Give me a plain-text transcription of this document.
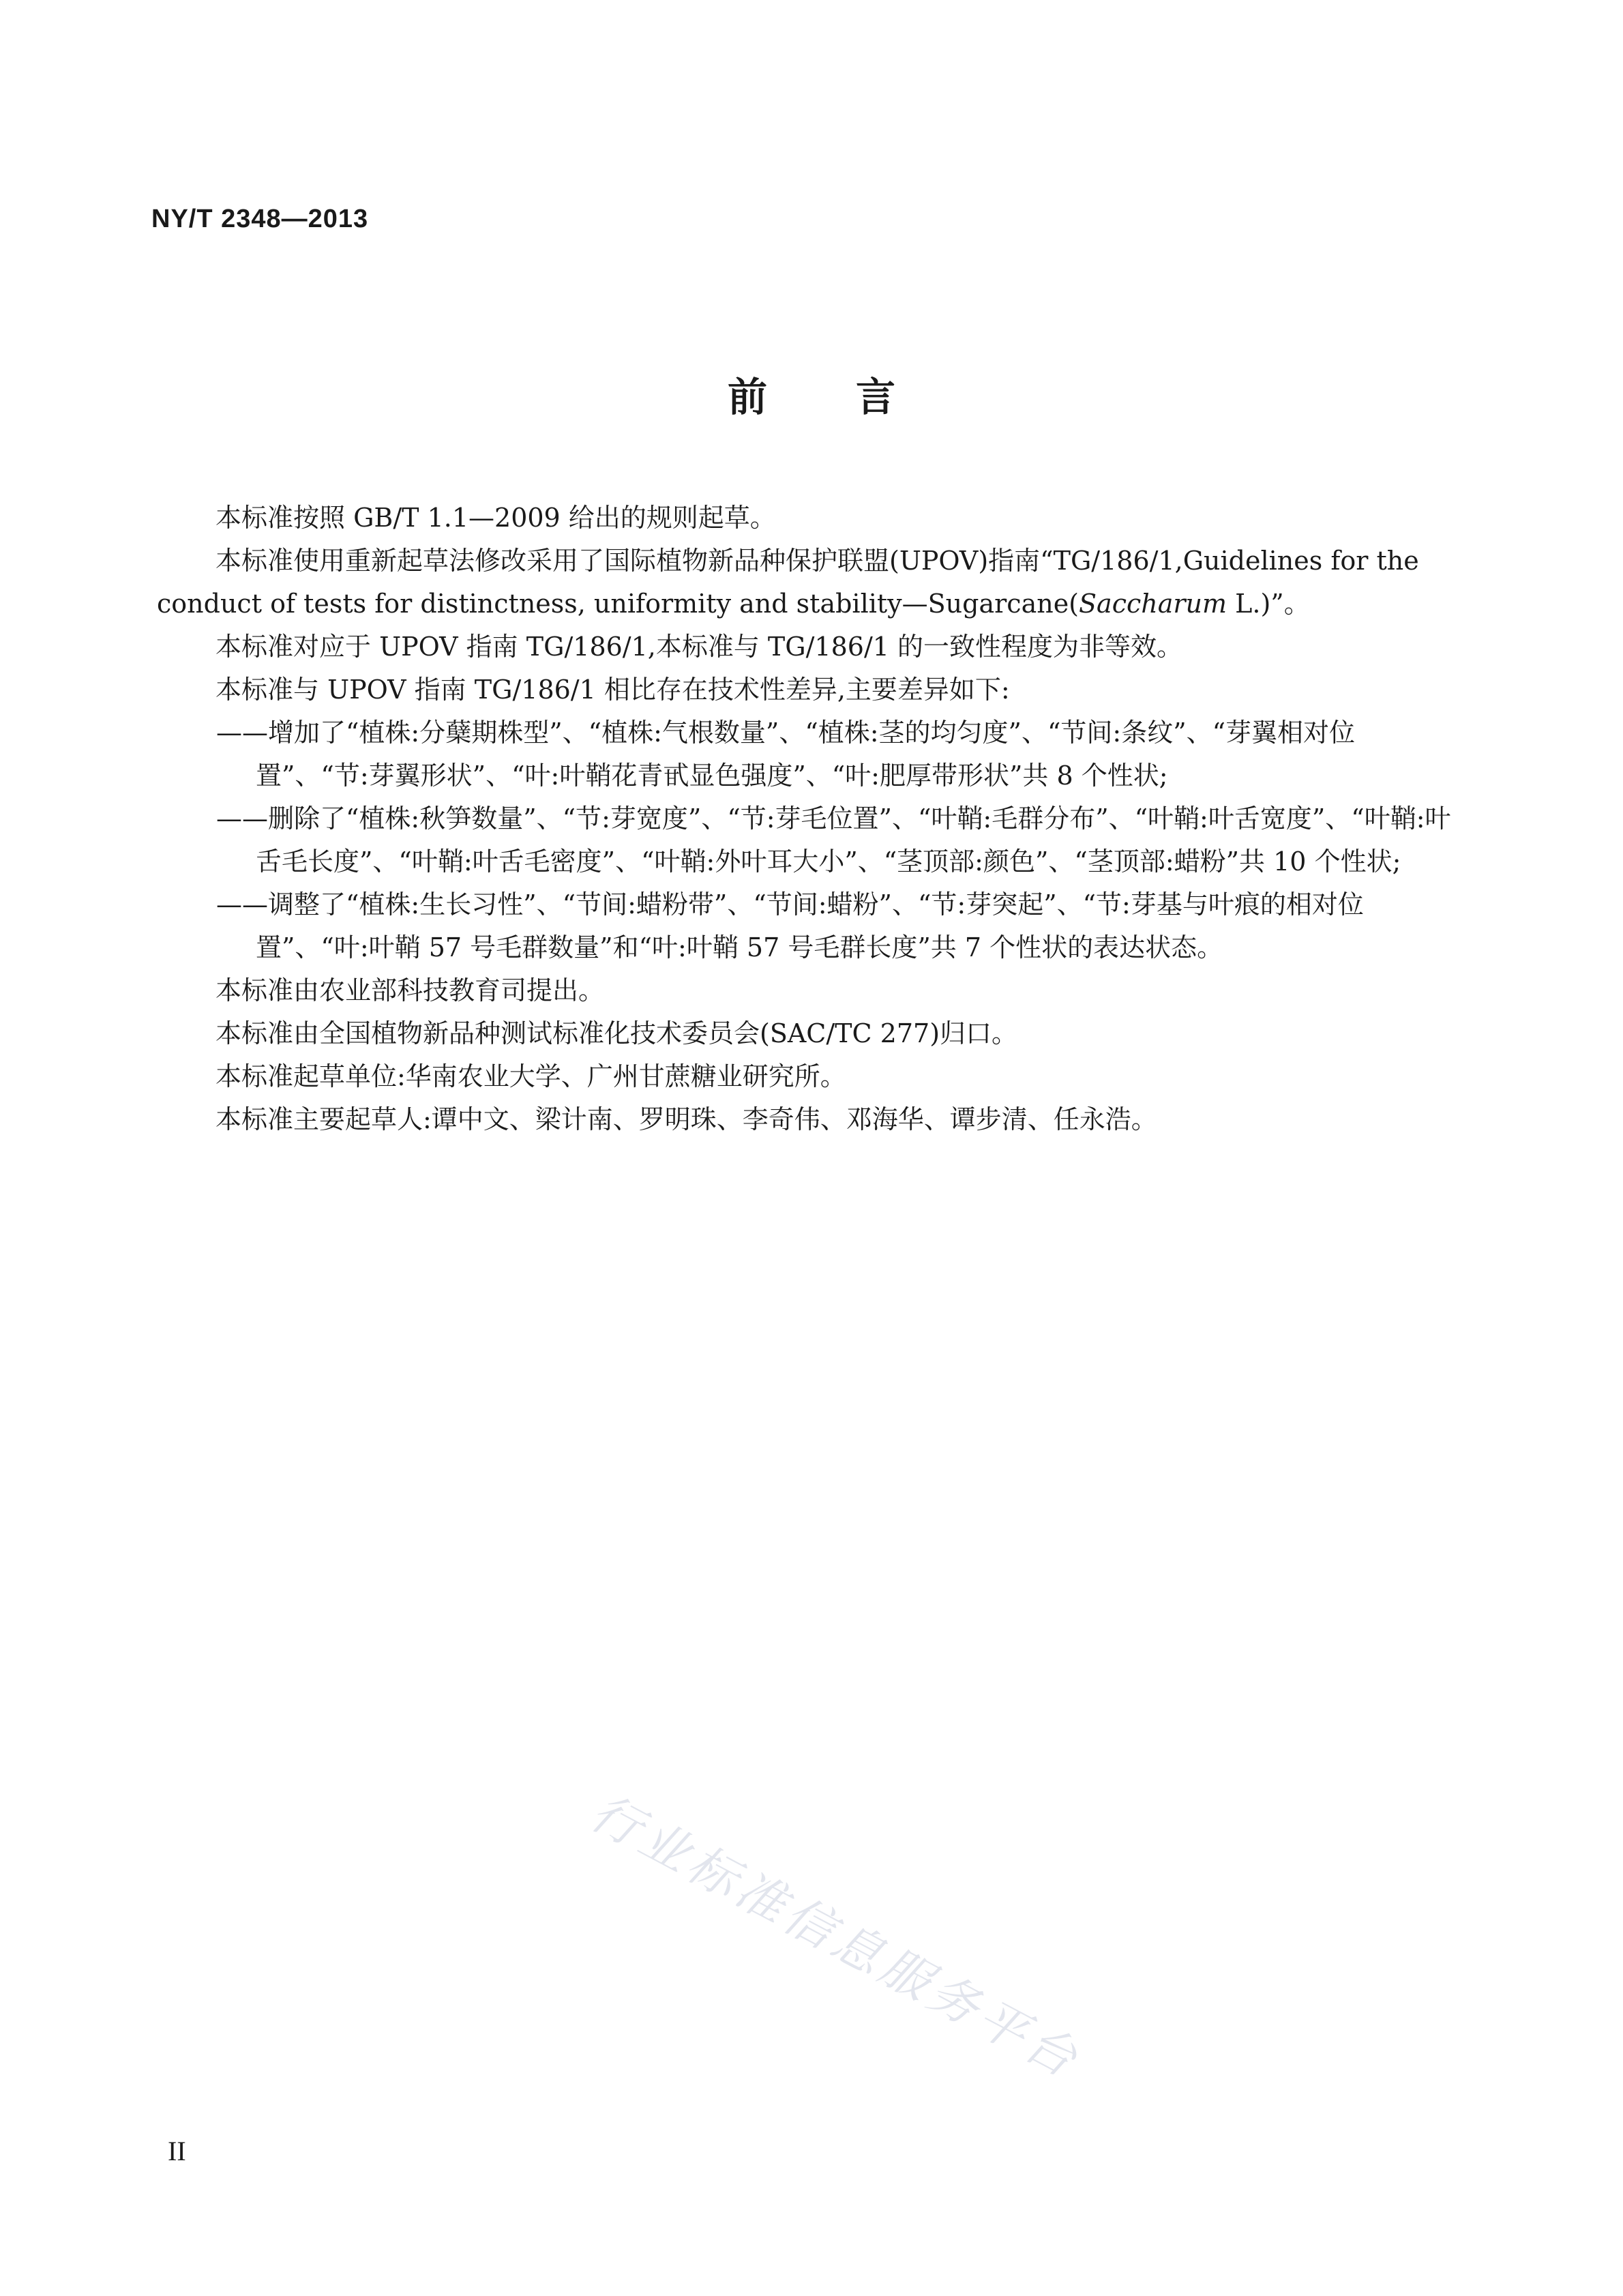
NY/T 2348—2013
前言

本标准按照 GB/T 1.1—2009 给出的规则起草。

本标准使用重新起草法修改采用了国际植物新品种保护联盟(UPOV)指南“TG/186/1,Guidelines for the conduct of tests for distinctness, uniformity and stability—Sugarcane(Saccharum L.)”。

本标准对应于 UPOV 指南 TG/186/1,本标准与 TG/186/1 的一致性程度为非等效。

本标准与 UPOV 指南 TG/186/1 相比存在技术性差异,主要差异如下:

——增加了“植株:分蘖期株型”、“植株:气根数量”、“植株:茎的均匀度”、“节间:条纹”、“芽翼相对位置”、“节:芽翼形状”、“叶:叶鞘花青甙显色强度”、“叶:肥厚带形状”共 8 个性状;

——删除了“植株:秋笋数量”、“节:芽宽度”、“节:芽毛位置”、“叶鞘:毛群分布”、“叶鞘:叶舌宽度”、“叶鞘:叶舌毛长度”、“叶鞘:叶舌毛密度”、“叶鞘:外叶耳大小”、“茎顶部:颜色”、“茎顶部:蜡粉”共 10 个性状;

——调整了“植株:生长习性”、“节间:蜡粉带”、“节间:蜡粉”、“节:芽突起”、“节:芽基与叶痕的相对位置”、“叶:叶鞘 57 号毛群数量”和“叶:叶鞘 57 号毛群长度”共 7 个性状的表达状态。

本标准由农业部科技教育司提出。

本标准由全国植物新品种测试标准化技术委员会(SAC/TC 277)归口。

本标准起草单位:华南农业大学、广州甘蔗糖业研究所。

本标准主要起草人:谭中文、梁计南、罗明珠、李奇伟、邓海华、谭步清、任永浩。

行业标准信息服务平台
II
